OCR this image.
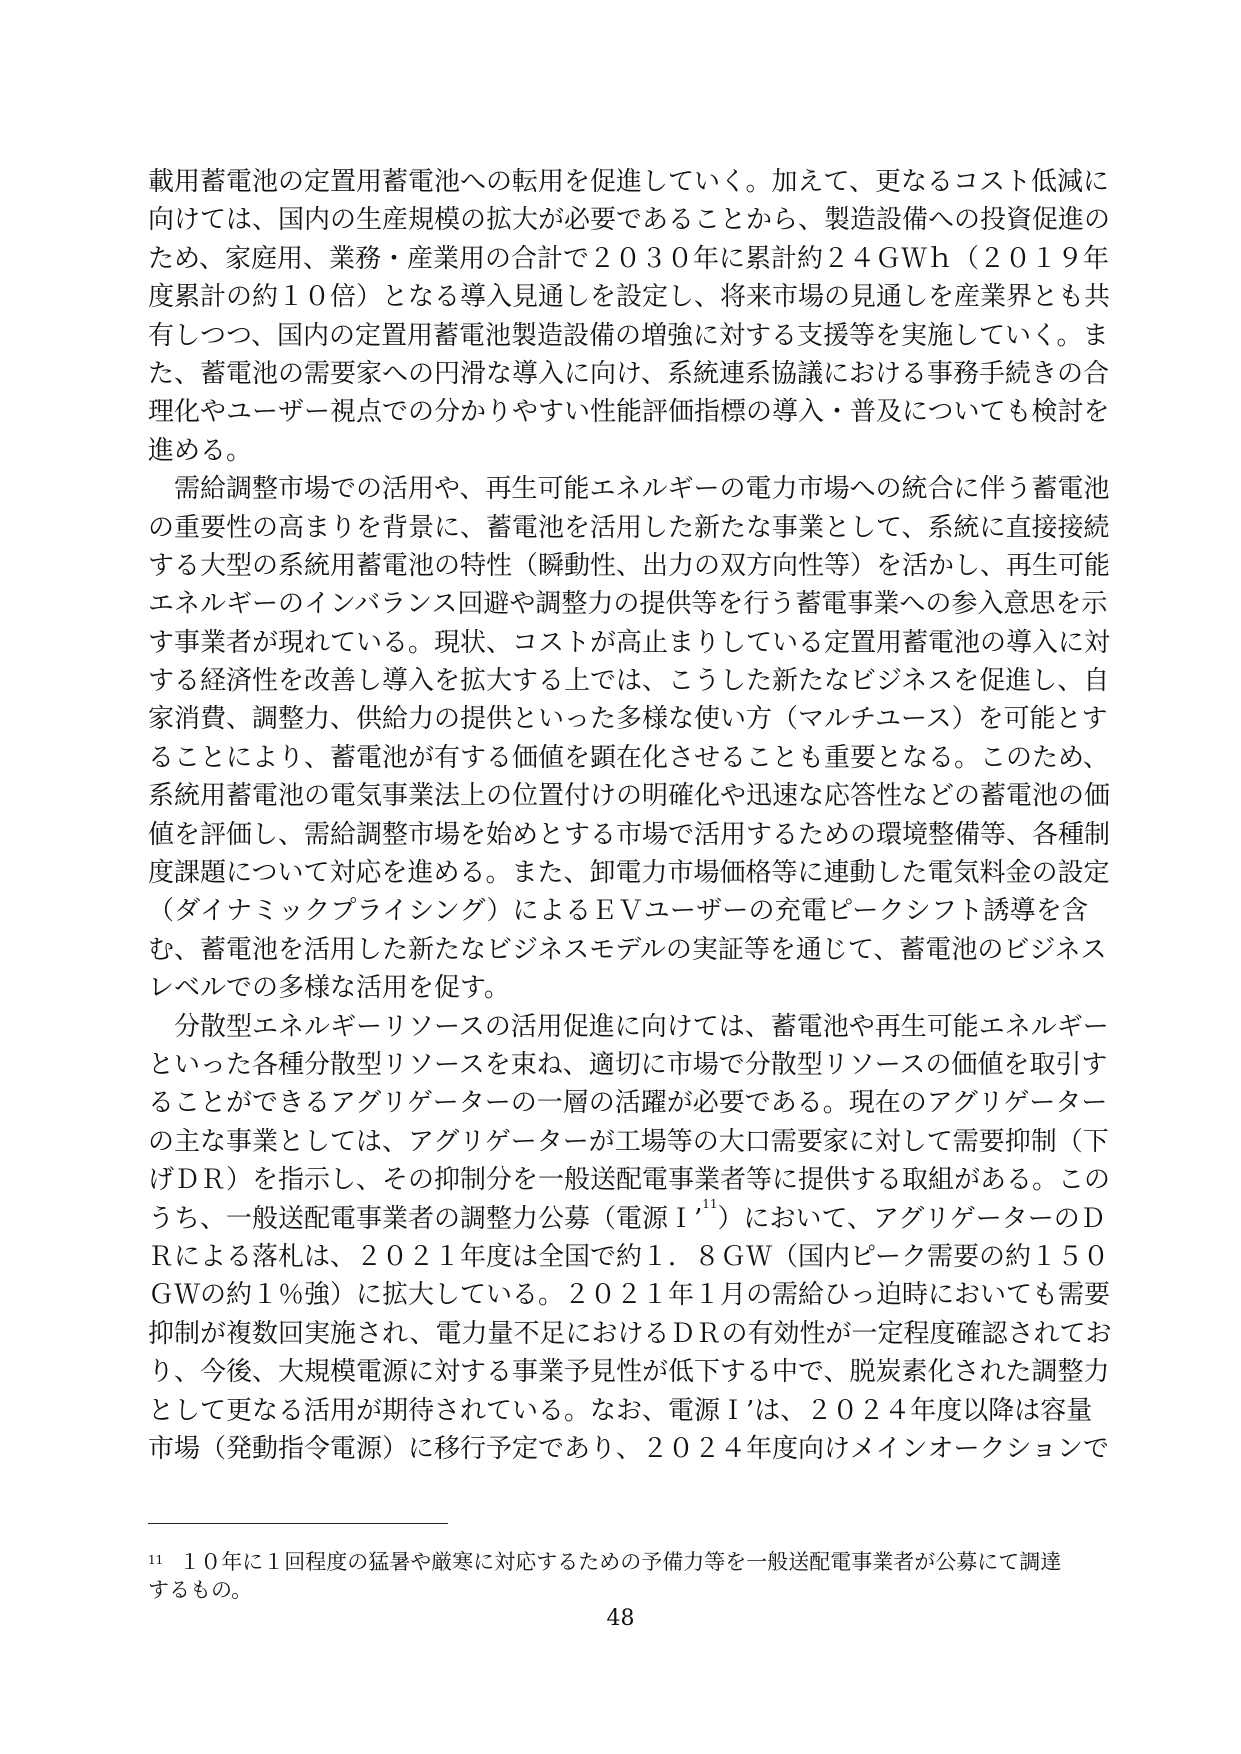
載用蓄電池の定置用蓄電池への転用を促進していく。加えて、更なるコスト低減に
向けては、国内の生産規模の拡大が必要であることから、製造設備への投資促進の
ため、家庭用、業務・産業用の合計で２０３０年に累計約２４ＧＷｈ（２０１９年
度累計の約１０倍）となる導入見通しを設定し、将来市場の見通しを産業界とも共
有しつつ、国内の定置用蓄電池製造設備の増強に対する支援等を実施していく。ま
た、蓄電池の需要家への円滑な導入に向け、系統連系協議における事務手続きの合
理化やユーザー視点での分かりやすい性能評価指標の導入・普及についても検討を
進める。
需給調整市場での活用や、再生可能エネルギーの電力市場への統合に伴う蓄電池
の重要性の高まりを背景に、蓄電池を活用した新たな事業として、系統に直接接続
する大型の系統用蓄電池の特性（瞬動性、出力の双方向性等）を活かし、再生可能
エネルギーのインバランス回避や調整力の提供等を行う蓄電事業への参入意思を示
す事業者が現れている。現状、コストが高止まりしている定置用蓄電池の導入に対
する経済性を改善し導入を拡大する上では、こうした新たなビジネスを促進し、自
家消費、調整力、供給力の提供といった多様な使い方（マルチユース）を可能とす
ることにより、蓄電池が有する価値を顕在化させることも重要となる。このため、
系統用蓄電池の電気事業法上の位置付けの明確化や迅速な応答性などの蓄電池の価
値を評価し、需給調整市場を始めとする市場で活用するための環境整備等、各種制
度課題について対応を進める。また、卸電力市場価格等に連動した電気料金の設定
（ダイナミックプライシング）によるＥＶユーザーの充電ピークシフト誘導を含
む、蓄電池を活用した新たなビジネスモデルの実証等を通じて、蓄電池のビジネス
レベルでの多様な活用を促す。
分散型エネルギーリソースの活用促進に向けては、蓄電池や再生可能エネルギー
といった各種分散型リソースを束ね、適切に市場で分散型リソースの価値を取引す
ることができるアグリゲーターの一層の活躍が必要である。現在のアグリゲーター
の主な事業としては、アグリゲーターが工場等の大口需要家に対して需要抑制（下
げＤＲ）を指示し、その抑制分を一般送配電事業者等に提供する取組がある。この
うち、一般送配電事業者の調整力公募（電源Ｉ’$^{11}$）において、アグリゲーターのＤ
Ｒによる落札は、２０２１年度は全国で約１．８ＧＷ（国内ピーク需要の約１５０
ＧＷの約１％強）に拡大している。２０２１年１月の需給ひっ迫時においても需要
抑制が複数回実施され、電力量不足におけるＤＲの有効性が一定程度確認されてお
り、今後、大規模電源に対する事業予見性が低下する中で、脱炭素化された調整力
として更なる活用が期待されている。なお、電源Ｉ’は、２０２４年度以降は容量
市場（発動指令電源）に移行予定であり、２０２４年度向けメインオークションで
$^{11}$ １０年に１回程度の猛暑や厳寒に対応するための予備力等を一般送配電事業者が公募にて調達
するもの。
48
